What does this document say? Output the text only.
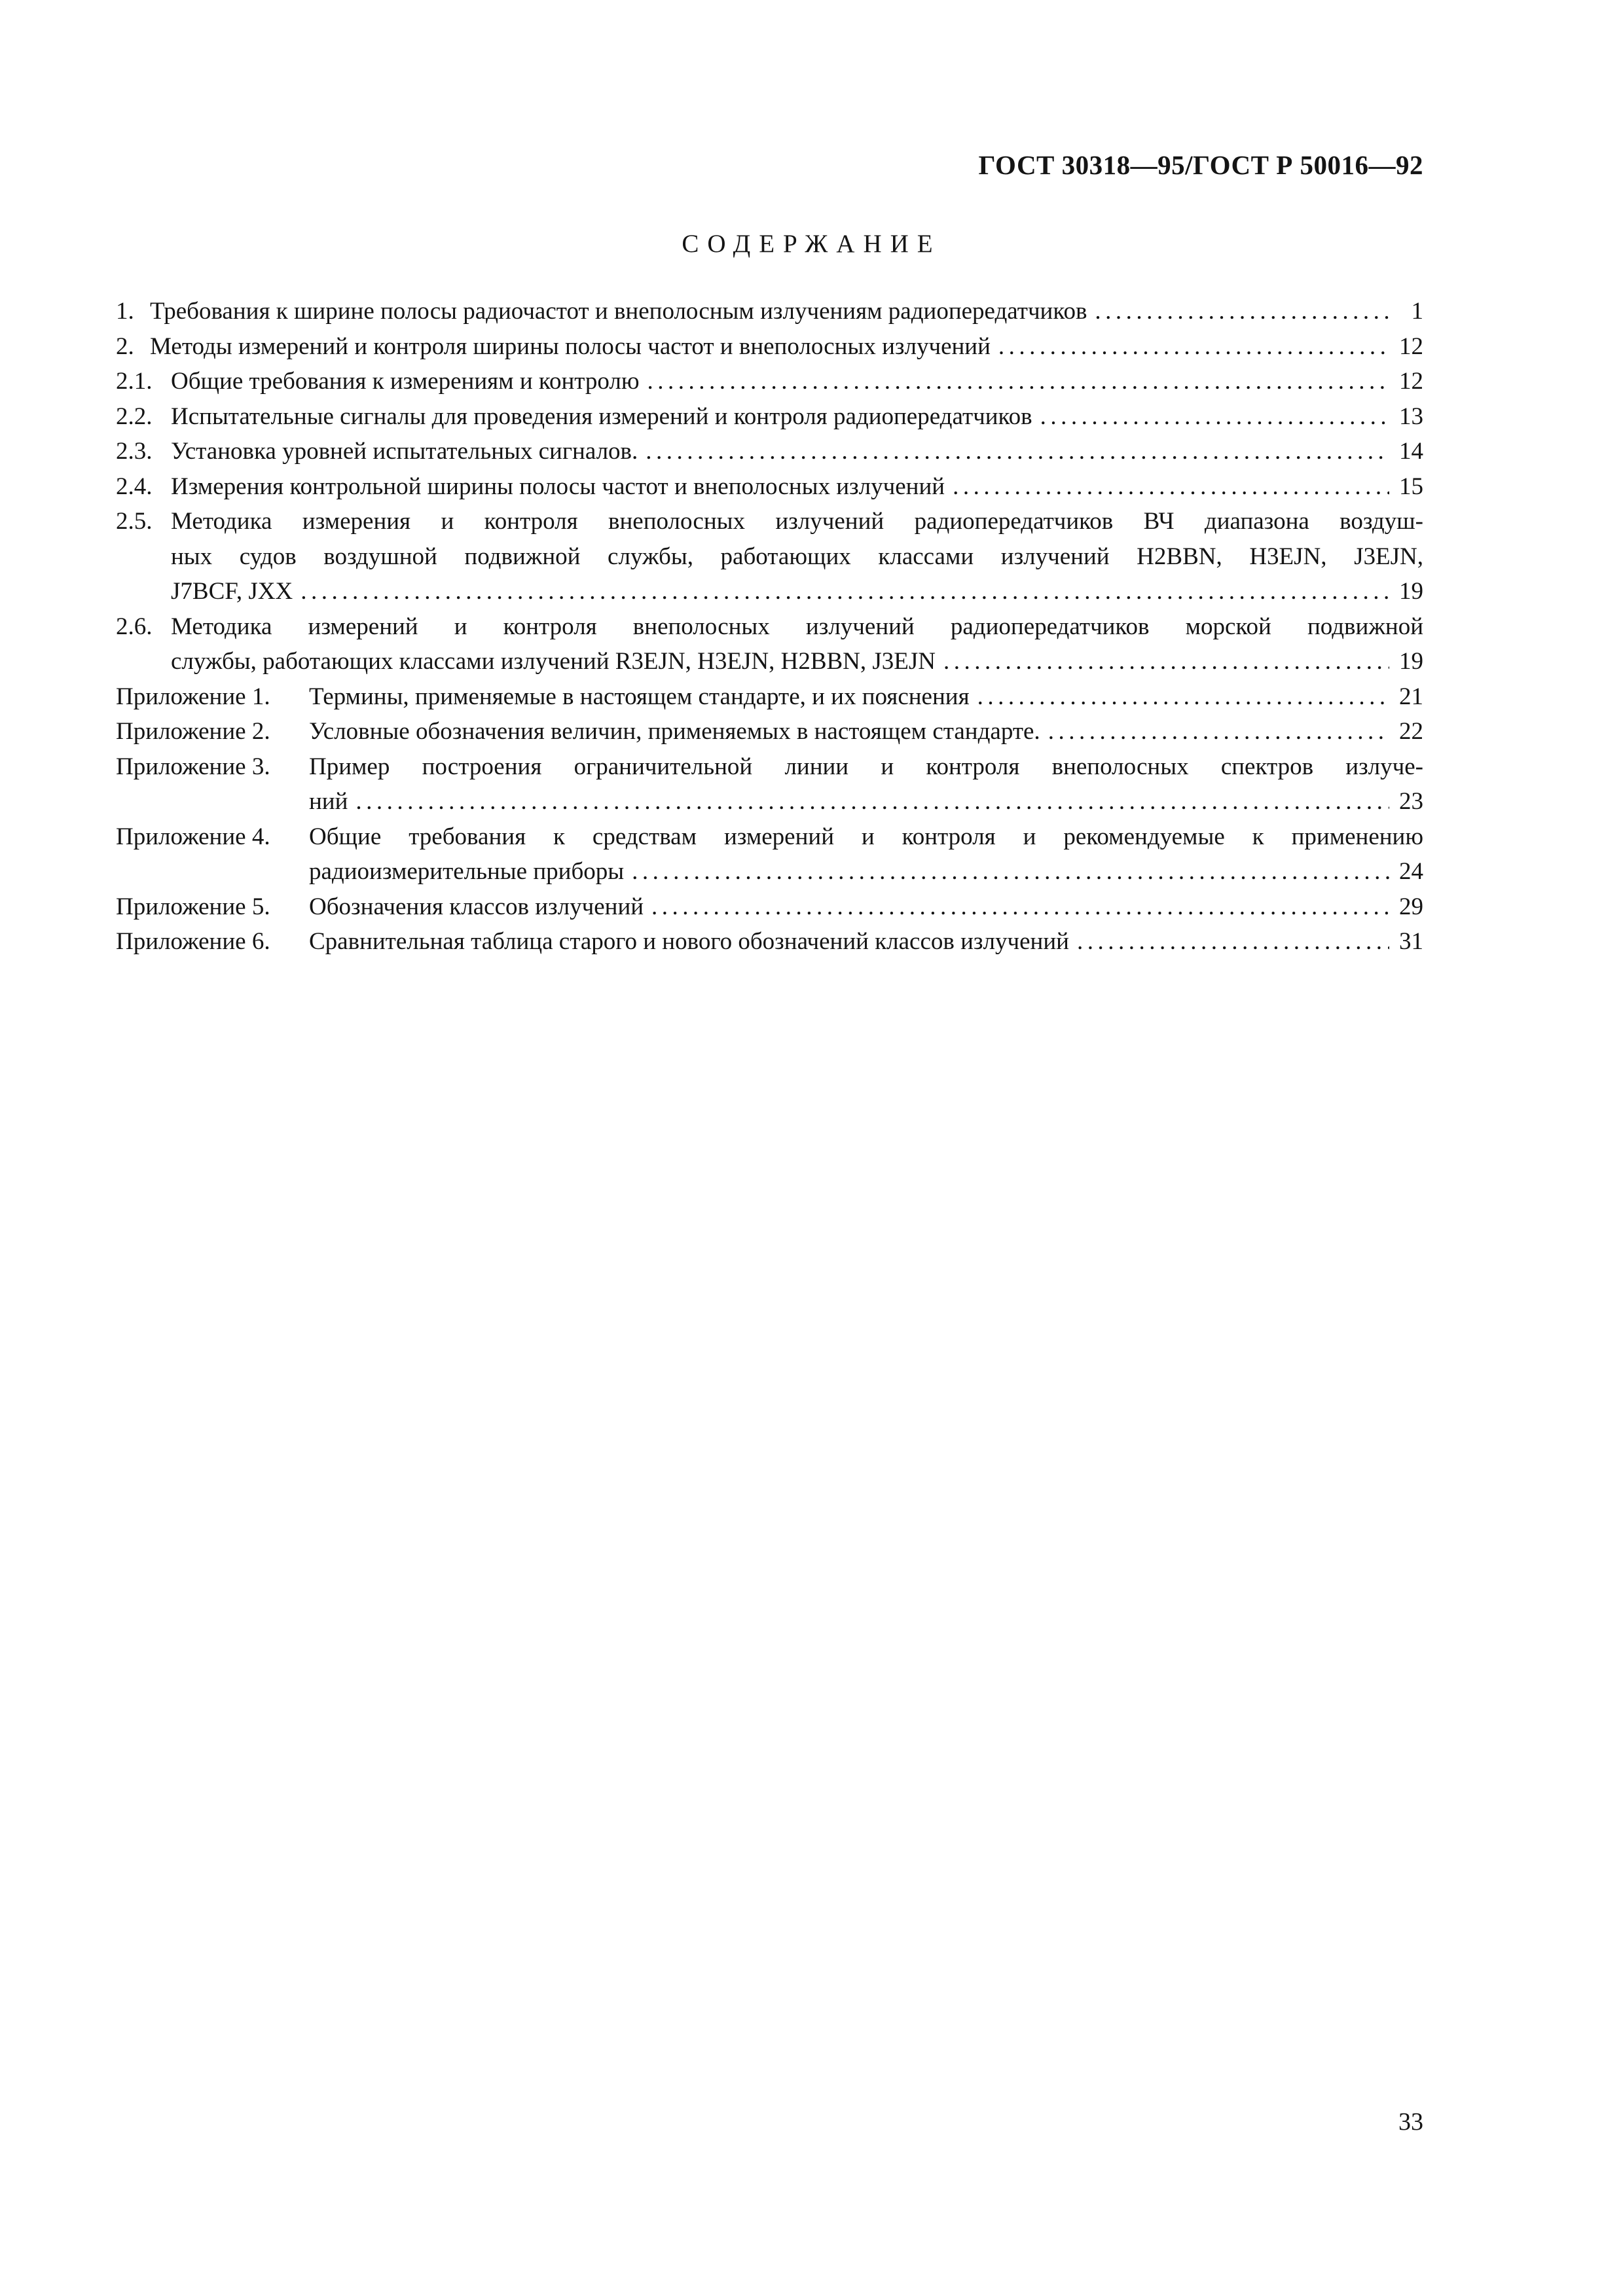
ГОСТ 30318—95/ГОСТ Р 50016—92
СОДЕРЖАНИЕ
1. Требования к ширине полосы радиочастот и внеполосным излучениям радиопередатчиков .....	1
2. Методы измерений и контроля ширины полосы частот и внеполосных излучений .....	12
2.1. Общие требования к измерениям и контролю .....	12
2.2. Испытательные сигналы для проведения измерений и контроля радиопередатчиков .....	13
2.3. Установка уровней испытательных сигналов. .....	14
2.4. Измерения контрольной ширины полосы частот и внеполосных излучений .....	15
2.5. Методика измерения и контроля внеполосных излучений радиопередатчиков ВЧ диапазона воздуш-
ных судов воздушной подвижной службы, работающих классами излучений H2BBN, H3EJN, J3EJN,
J7BCF, JXX .....	19
2.6. Методика измерений и контроля внеполосных излучений радиопередатчиков морской подвижной
службы, работающих классами излучений R3EJN, H3EJN, H2BBN, J3EJN .....	19
Приложение 1.	Термины, применяемые в настоящем стандарте, и их пояснения .....	21
Приложение 2.	Условные обозначения величин, применяемых в настоящем стандарте. .....	22
Приложение 3.	Пример построения ограничительной линии и контроля внеполосных спектров излуче-
ний .....	23
Приложение 4.	Общие требования к средствам измерений и контроля и рекомендуемые к применению
радиоизмерительные приборы .....	24
Приложение 5.	Обозначения классов излучений .....	29
Приложение 6.	Сравнительная таблица старого и нового обозначений классов излучений .....	31
33
